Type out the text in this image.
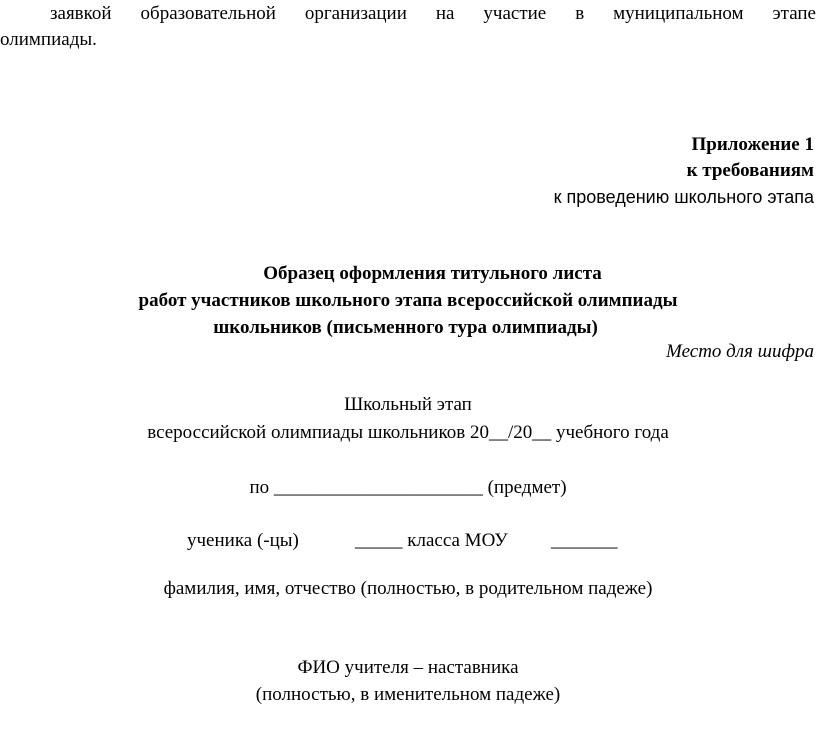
заявкой образовательной организации на участие в муниципальном этапе
олимпиады.
Приложение 1
к требованиям
к проведению школьного этапа
Образец оформления титульного листа
работ участников школьного этапа всероссийской олимпиады
школьников (письменного тура олимпиады)
Место для шифра
Школьный этап
всероссийской олимпиады школьников 20__/20__ учебного года
по ______________________ (предмет)
ученика (-цы)	_____ класса МОУ _______
фамилия, имя, отчество (полностью, в родительном падеже)
ФИО учителя – наставника
(полностью, в именительном падеже)
